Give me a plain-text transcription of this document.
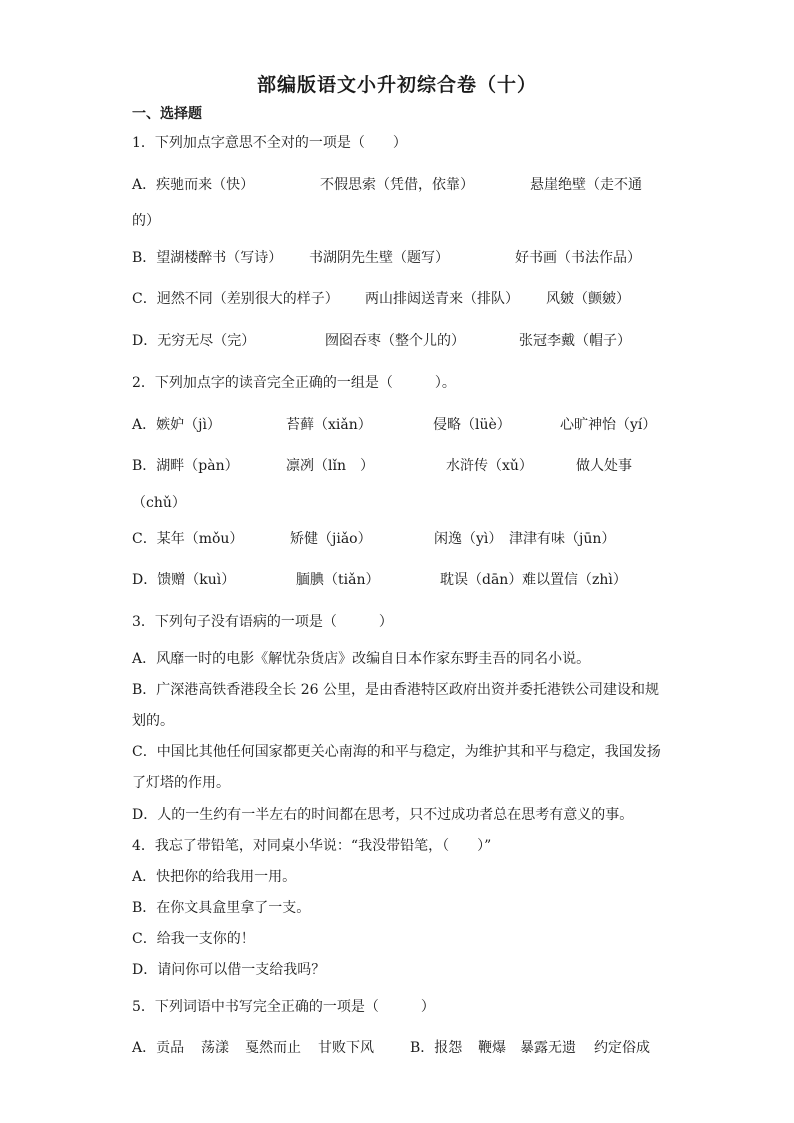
部编版语文小升初综合卷（十）
一、选择题
1．下列加点字意思不全对的一项是（　　）
A．疾驰而来（快）	不假思索（凭借，依靠）	悬崖绝壁（走不通
的）
B．望湖楼醉书（写诗） 书湖阴先生壁（题写）	好书画（书法作品）
C．迥然不同（差别很大的样子） 两山排闼送青来（排队） 风皴（颤皴）
D．无穷无尽（完）	囫囵吞枣（整个儿的）	张冠李戴（帽子）
2．下列加点字的读音完全正确的一组是（　　　）。
A．嫉妒（jì）	苔藓（xiǎn）	侵略（lüè）	心旷神怡（yí）
B．湖畔（pàn）	凛冽（lǐn　）	水浒传（xǔ）	做人处事
（chǔ）
C．某年（mǒu）	矫健（jiǎo）	闲逸（yì） 津津有味（jūn）
D．馈赠（kuì）	腼腆（tiǎn）	耽误（dān） 难以置信（zhì）
3．下列句子没有语病的一项是（　　　）
A．风靡一时的电影《解忧杂货店》改编自日本作家东野圭吾的同名小说。
B．广深港高铁香港段全长 26 公里，是由香港特区政府出资并委托港铁公司建设和规
划的。
C．中国比其他任何国家都更关心南海的和平与稳定，为维护其和平与稳定，我国发扬
了灯塔的作用。
D．人的一生约有一半左右的时间都在思考，只不过成功者总在思考有意义的事。
4．我忘了带铅笔，对同桌小华说：“我没带铅笔，（　　）”
A．快把你的给我用一用。
B．在你文具盒里拿了一支。
C．给我一支你的！
D．请问你可以借一支给我吗？
5．下列词语中书写完全正确的一项是（　　　）
A．贡品 荡漾 戛然而止 甘败下风	B．报怨 鞭爆 暴露无遗 约定俗成
